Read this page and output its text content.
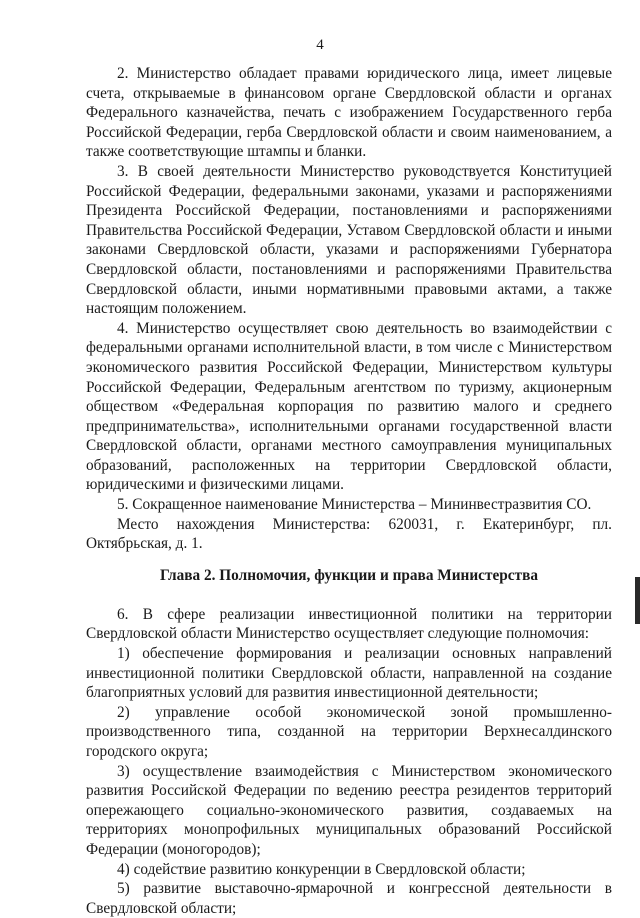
4

2. Министерство обладает правами юридического лица, имеет лицевые счета, открываемые в финансовом органе Свердловской области и органах Федерального казначейства, печать с изображением Государственного герба Российской Федерации, герба Свердловской области и своим наименованием, а также соответствующие штампы и бланки.

3. В своей деятельности Министерство руководствуется Конституцией Российской Федерации, федеральными законами, указами и распоряжениями Президента Российской Федерации, постановлениями и распоряжениями Правительства Российской Федерации, Уставом Свердловской области и иными законами Свердловской области, указами и распоряжениями Губернатора Свердловской области, постановлениями и распоряжениями Правительства Свердловской области, иными нормативными правовыми актами, а также настоящим положением.

4. Министерство осуществляет свою деятельность во взаимодействии с федеральными органами исполнительной власти, в том числе с Министерством экономического развития Российской Федерации, Министерством культуры Российской Федерации, Федеральным агентством по туризму, акционерным обществом «Федеральная корпорация по развитию малого и среднего предпринимательства», исполнительными органами государственной власти Свердловской области, органами местного самоуправления муниципальных образований, расположенных на территории Свердловской области, юридическими и физическими лицами.

5. Сокращенное наименование Министерства – Мининвестразвития СО.

Место нахождения Министерства: 620031, г. Екатеринбург, пл. Октябрьская, д. 1.

Глава 2. Полномочия, функции и права Министерства

6. В сфере реализации инвестиционной политики на территории Свердловской области Министерство осуществляет следующие полномочия:

1) обеспечение формирования и реализации основных направлений инвестиционной политики Свердловской области, направленной на создание благоприятных условий для развития инвестиционной деятельности;

2) управление особой экономической зоной промышленно-производственного типа, созданной на территории Верхнесалдинского городского округа;

3) осуществление взаимодействия с Министерством экономического развития Российской Федерации по ведению реестра резидентов территорий опережающего социально-экономического развития, создаваемых на территориях монопрофильных муниципальных образований Российской Федерации (моногородов);

4) содействие развитию конкуренции в Свердловской области;

5) развитие выставочно-ярмарочной и конгрессной деятельности в Свердловской области;
